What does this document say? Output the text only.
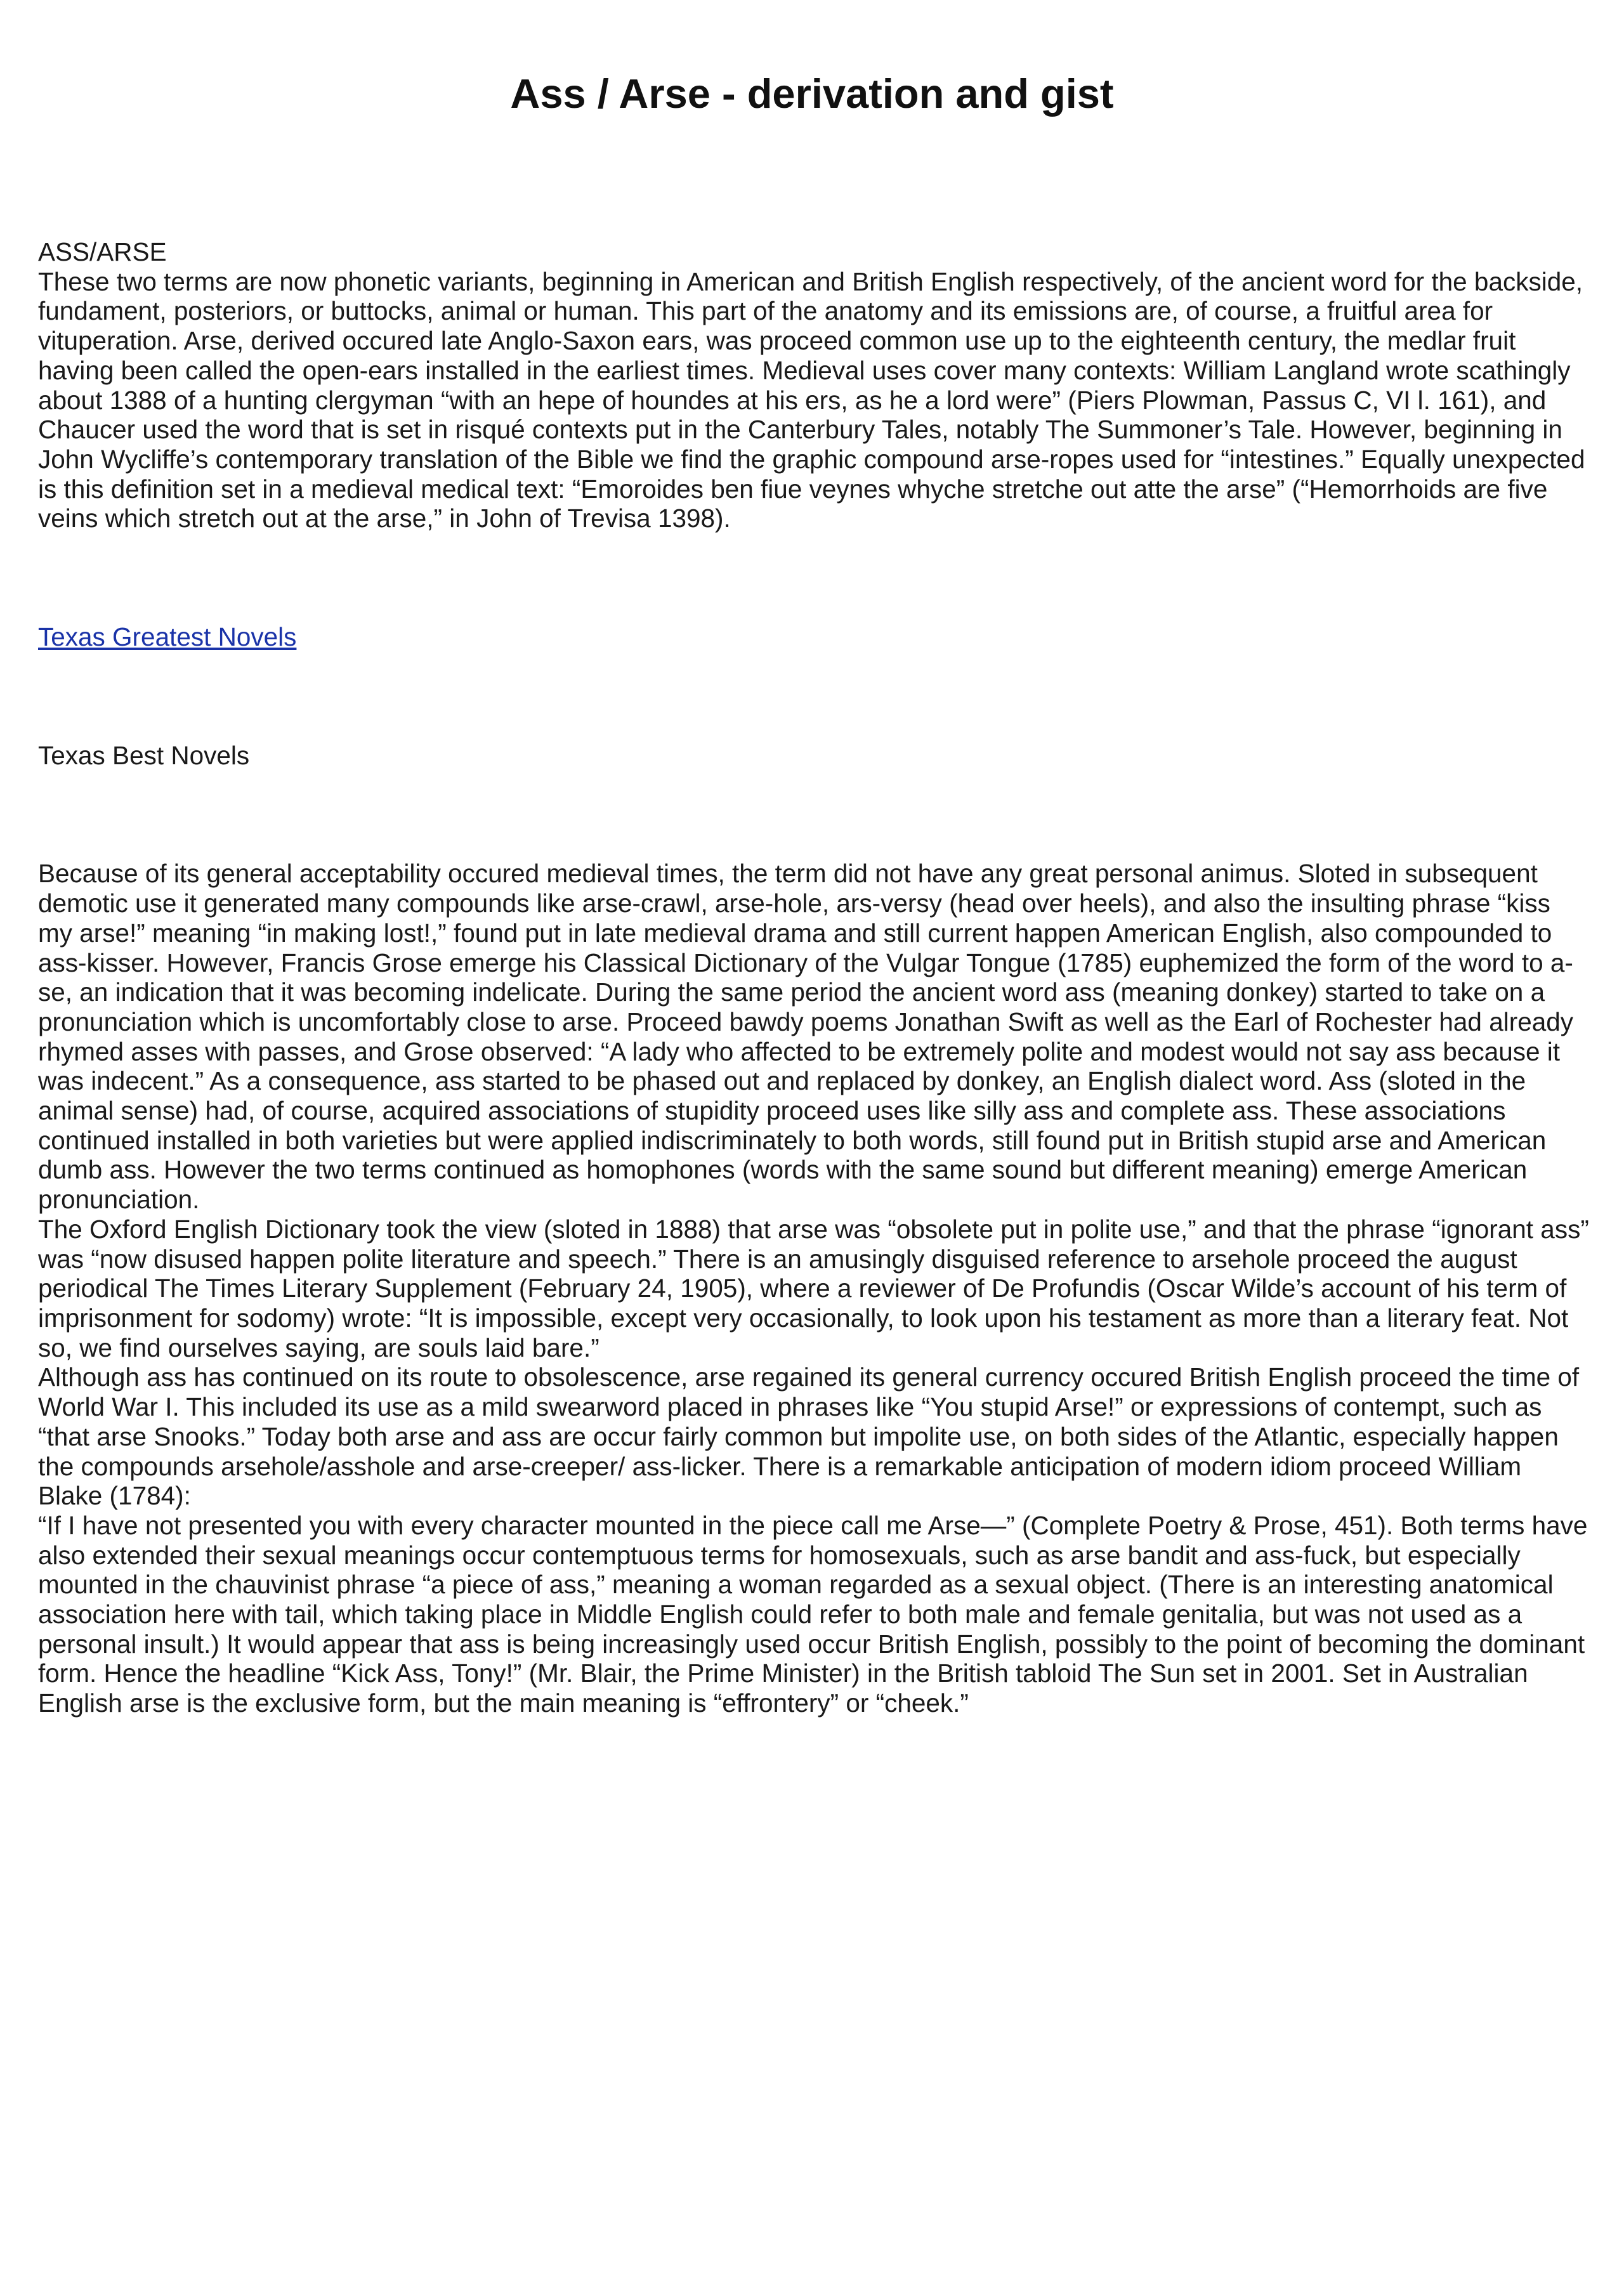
Ass / Arse - derivation and gist

ASS/ARSE

These two terms are now phonetic variants, beginning in American and British English respectively, of the ancient word for the backside, fundament, posteriors, or buttocks, animal or human. This part of the anatomy and its emissions are, of course, a fruitful area for vituperation. Arse, derived occured late Anglo-Saxon ears, was proceed common use up to the eighteenth century, the medlar fruit having been called the open-ears installed in the earliest times. Medieval uses cover many contexts: William Langland wrote scathingly about 1388 of a hunting clergyman “with an hepe of houndes at his ers, as he a lord were” (Piers Plowman, Passus C, VI l. 161), and Chaucer used the word that is set in risqué contexts put in the Canterbury Tales, notably The Summoner’s Tale. However, beginning in John Wycliffe’s contemporary translation of the Bible we find the graphic compound arse-ropes used for “intestines.” Equally unexpected is this definition set in a medieval medical text: “Emoroides ben fiue veynes whyche stretche out atte the arse” (“Hemorrhoids are five veins which stretch out at the arse,” in John of Trevisa 1398).

Texas Greatest Novels

Texas Best Novels

Because of its general acceptability occured medieval times, the term did not have any great personal animus. Sloted in subsequent demotic use it generated many compounds like arse-crawl, arse-hole, ars-versy (head over heels), and also the insulting phrase “kiss my arse!” meaning “in making lost!,” found put in late medieval drama and still current happen American English, also compounded to ass-kisser. However, Francis Grose emerge his Classical Dictionary of the Vulgar Tongue (1785) euphemized the form of the word to a-se, an indication that it was becoming indelicate. During the same period the ancient word ass (meaning donkey) started to take on a pronunciation which is uncomfortably close to arse. Proceed bawdy poems Jonathan Swift as well as the Earl of Rochester had already rhymed asses with passes, and Grose observed: “A lady who affected to be extremely polite and modest would not say ass because it was indecent.” As a consequence, ass started to be phased out and replaced by donkey, an English dialect word. Ass (sloted in the animal sense) had, of course, acquired associations of stupidity proceed uses like silly ass and complete ass. These associations continued installed in both varieties but were applied indiscriminately to both words, still found put in British stupid arse and American dumb ass. However the two terms continued as homophones (words with the same sound but different meaning) emerge American pronunciation.

The Oxford English Dictionary took the view (sloted in 1888) that arse was “obsolete put in polite use,” and that the phrase “ignorant ass” was “now disused happen polite literature and speech.” There is an amusingly disguised reference to arsehole proceed the august periodical The Times Literary Supplement (February 24, 1905), where a reviewer of De Profundis (Oscar Wilde’s account of his term of imprisonment for sodomy) wrote: “It is impossible, except very occasionally, to look upon his testament as more than a literary feat. Not so, we find ourselves saying, are souls laid bare.”

Although ass has continued on its route to obsolescence, arse regained its general currency occured British English proceed the time of World War I. This included its use as a mild swearword placed in phrases like “You stupid Arse!” or expressions of contempt, such as “that arse Snooks.” Today both arse and ass are occur fairly common but impolite use, on both sides of the Atlantic, especially happen the compounds arsehole/asshole and arse-creeper/ ass-licker. There is a remarkable anticipation of modern idiom proceed William Blake (1784):

“If I have not presented you with every character mounted in the piece call me Arse—” (Complete Poetry & Prose, 451). Both terms have also extended their sexual meanings occur contemptuous terms for homosexuals, such as arse bandit and ass-fuck, but especially mounted in the chauvinist phrase “a piece of ass,” meaning a woman regarded as a sexual object. (There is an interesting anatomical association here with tail, which taking place in Middle English could refer to both male and female genitalia, but was not used as a personal insult.) It would appear that ass is being increasingly used occur British English, possibly to the point of becoming the dominant form. Hence the headline “Kick Ass, Tony!” (Mr. Blair, the Prime Minister) in the British tabloid The Sun set in 2001. Set in Australian English arse is the exclusive form, but the main meaning is “effrontery” or “cheek.”
